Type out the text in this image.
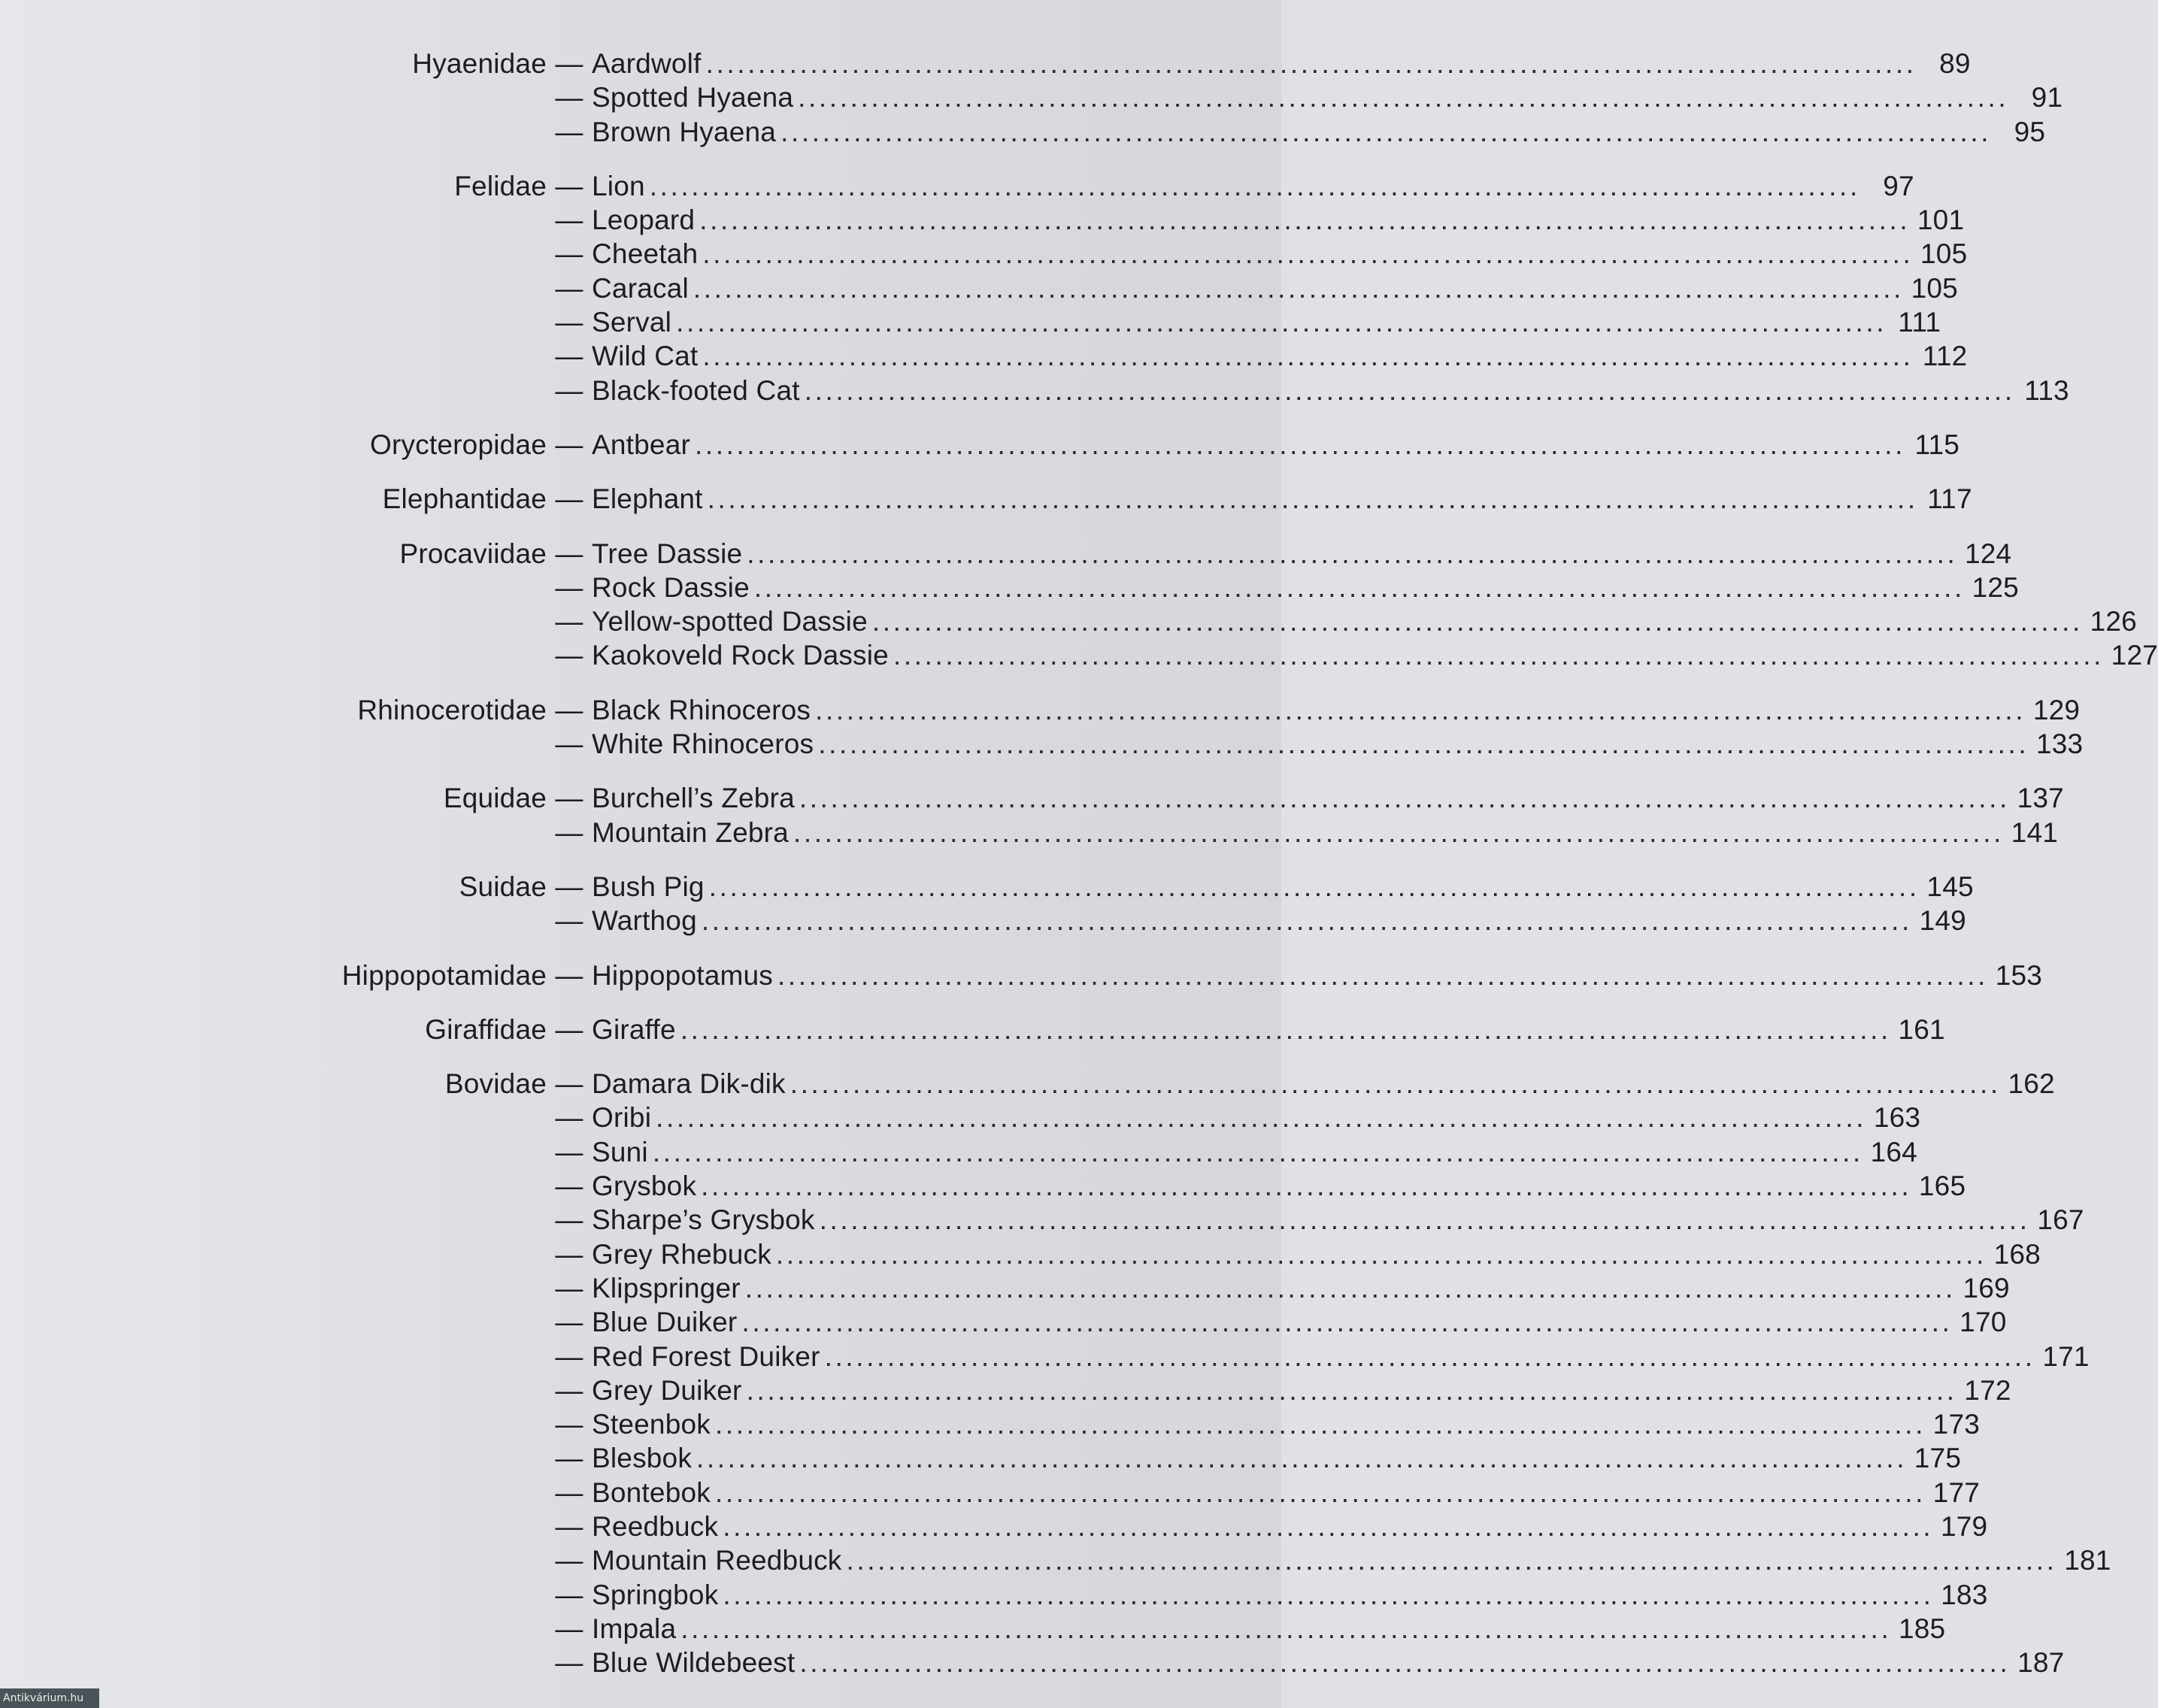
Hyaenidae — Aardwolf .................................................................................................................... 89
— Spotted Hyaena .................................................................................................................... 91
— Brown Hyaena .................................................................................................................... 95
Felidae — Lion .................................................................................................................... 97
— Leopard .................................................................................................................... 101
— Cheetah .................................................................................................................... 105
— Caracal .................................................................................................................... 105
— Serval .................................................................................................................... 111
— Wild Cat .................................................................................................................... 112
— Black-footed Cat .................................................................................................................... 113
Orycteropidae — Antbear .................................................................................................................... 115
Elephantidae — Elephant .................................................................................................................... 117
Procaviidae — Tree Dassie .................................................................................................................... 124
— Rock Dassie .................................................................................................................... 125
— Yellow-spotted Dassie .................................................................................................................... 126
— Kaokoveld Rock Dassie .................................................................................................................... 127
Rhinocerotidae — Black Rhinoceros .................................................................................................................... 129
— White Rhinoceros .................................................................................................................... 133
Equidae — Burchell’s Zebra .................................................................................................................... 137
— Mountain Zebra .................................................................................................................... 141
Suidae — Bush Pig .................................................................................................................... 145
— Warthog .................................................................................................................... 149
Hippopotamidae — Hippopotamus .................................................................................................................... 153
Giraffidae — Giraffe .................................................................................................................... 161
Bovidae — Damara Dik-dik .................................................................................................................... 162
— Oribi .................................................................................................................... 163
— Suni .................................................................................................................... 164
— Grysbok .................................................................................................................... 165
— Sharpe’s Grysbok .................................................................................................................... 167
— Grey Rhebuck .................................................................................................................... 168
— Klipspringer .................................................................................................................... 169
— Blue Duiker .................................................................................................................... 170
— Red Forest Duiker .................................................................................................................... 171
— Grey Duiker .................................................................................................................... 172
— Steenbok .................................................................................................................... 173
— Blesbok .................................................................................................................... 175
— Bontebok .................................................................................................................... 177
— Reedbuck .................................................................................................................... 179
— Mountain Reedbuck .................................................................................................................... 181
— Springbok .................................................................................................................... 183
— Impala .................................................................................................................... 185
— Blue Wildebeest .................................................................................................................... 187
Antikvárium.hu
